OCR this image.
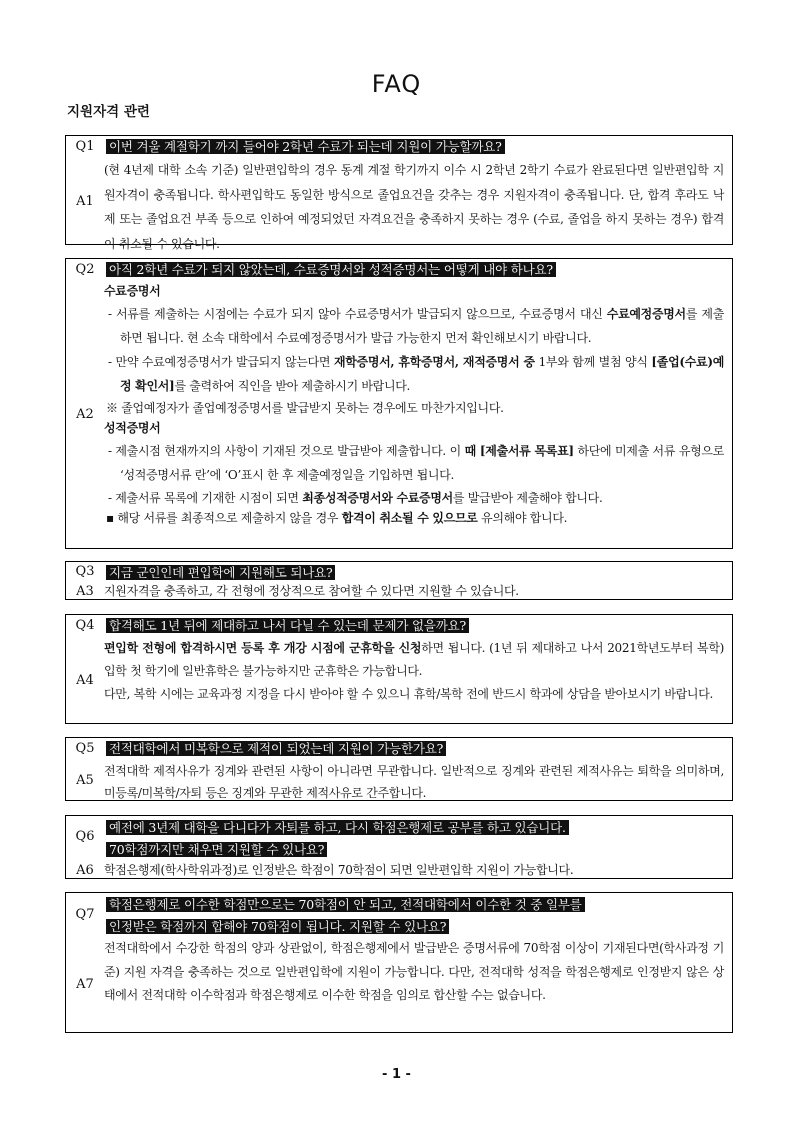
FAQ
지원자격 관련

Q1	이번 겨울 계절학기 까지 들어야 2학년 수료가 되는데 지원이 가능할까요?
A1
(현 4년제 대학 소속 기준) 일반편입학의 경우 동계 계절 학기까지 이수 시 2학년 2학기 수료가 완료된다면 일반편입학 지원자격이 충족됩니다. 학사편입학도 동일한 방식으로 졸업요건을 갖추는 경우 지원자격이 충족됩니다. 단, 합격 후라도 낙제 또는 졸업요건 부족 등으로 인하여 예정되었던 자격요건을 충족하지 못하는 경우 (수료, 졸업을 하지 못하는 경우) 합격이 취소될 수 있습니다.
Q2	아직 2학년 수료가 되지 않았는데, 수료증명서와 성적증명서는 어떻게 내야 하나요?
A2
수료증명서
- 서류를 제출하는 시점에는 수료가 되지 않아 수료증명서가 발급되지 않으므로, 수료증명서 대신 수료예정증명서를 제출하면 됩니다. 현 소속 대학에서 수료예정증명서가 발급 가능한지 먼저 확인해보시기 바랍니다.
- 만약 수료예정증명서가 발급되지 않는다면 재학증명서, 휴학증명서, 재적증명서 중 1부와 함께 별첨 양식 [졸업(수료)예정 확인서]를 출력하여 직인을 받아 제출하시기 바랍니다.
※ 졸업예정자가 졸업예정증명서를 발급받지 못하는 경우에도 마찬가지입니다.
성적증명서
- 제출시점 현재까지의 사항이 기재된 것으로 발급받아 제출합니다. 이 때 [제출서류 목록표] 하단에 미제출 서류 유형으로 ‘성적증명서류 란’에 ‘O’표시 한 후 제출예정일을 기입하면 됩니다.
- 제출서류 목록에 기재한 시점이 되면 최종성적증명서와 수료증명서를 발급받아 제출해야 합니다.
▪ 해당 서류를 최종적으로 제출하지 않을 경우 합격이 취소될 수 있으므로 유의해야 합니다.
Q3	지금 군인인데 편입학에 지원해도 되나요?
A3 지원자격을 충족하고, 각 전형에 정상적으로 참여할 수 있다면 지원할 수 있습니다.
Q4	합격해도 1년 뒤에 제대하고 나서 다닐 수 있는데 문제가 없을까요?
A4
편입학 전형에 합격하시면 등록 후 개강 시점에 군휴학을 신청하면 됩니다. (1년 뒤 제대하고 나서 2021학년도부터 복학) 입학 첫 학기에 일반휴학은 불가능하지만 군휴학은 가능합니다.
다만, 복학 시에는 교육과정 지정을 다시 받아야 할 수 있으니 휴학/복학 전에 반드시 학과에 상담을 받아보시기 바랍니다.
Q5	전적대학에서 미복학으로 제적이 되었는데 지원이 가능한가요?
A5
전적대학 제적사유가 징계와 관련된 사항이 아니라면 무관합니다. 일반적으로 징계와 관련된 제적사유는 퇴학을 의미하며, 미등록/미복학/자퇴 등은 징계와 무관한 제적사유로 간주합니다.
Q6
예전에 3년제 대학을 다니다가 자퇴를 하고, 다시 학점은행제로 공부를 하고 있습니다.
70학점까지만 채우면 지원할 수 있나요?
A6 학점은행제(학사학위과정)로 인정받은 학점이 70학점이 되면 일반편입학 지원이 가능합니다.
Q7
학점은행제로 이수한 학점만으로는 70학점이 안 되고, 전적대학에서 이수한 것 중 일부를
인정받은 학점까지 합해야 70학점이 됩니다. 지원할 수 있나요?
A7
전적대학에서 수강한 학점의 양과 상관없이, 학점은행제에서 발급받은 증명서류에 70학점 이상이 기재된다면(학사과정 기준) 지원 자격을 충족하는 것으로 일반편입학에 지원이 가능합니다. 다만, 전적대학 성적을 학점은행제로 인정받지 않은 상태에서 전적대학 이수학점과 학점은행제로 이수한 학점을 임의로 합산할 수는 없습니다.
- 1 -
